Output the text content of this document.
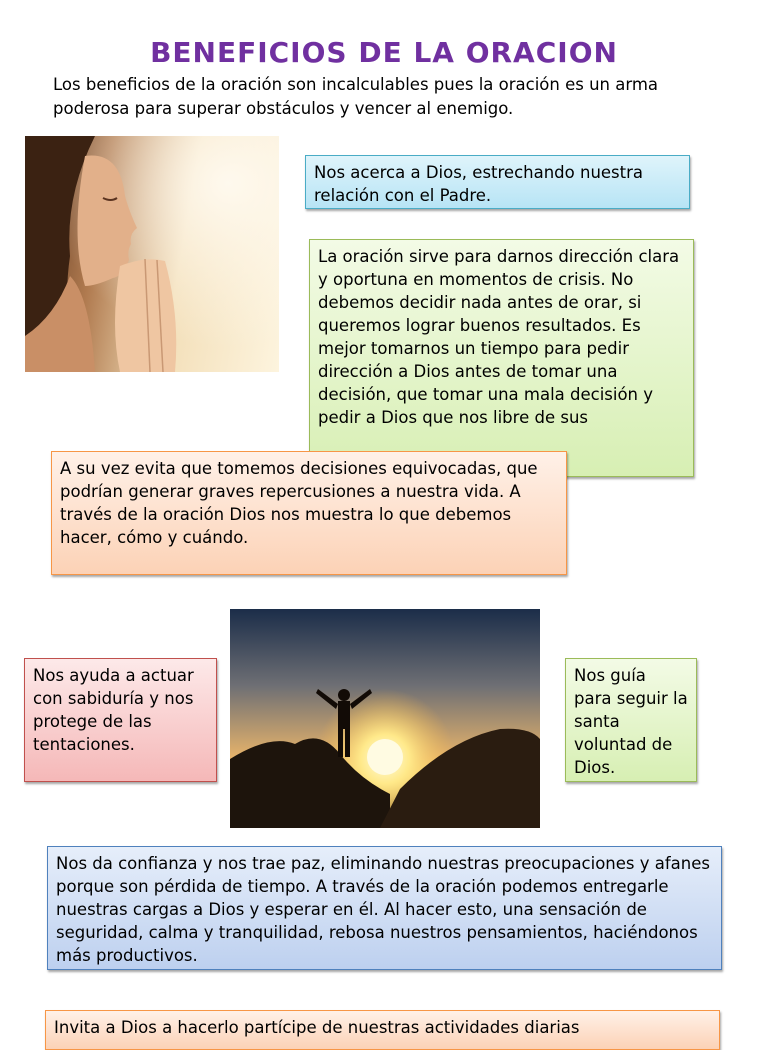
BENEFICIOS DE LA ORACION
Los beneficios de la oración son incalculables pues la oración es un arma poderosa para superar obstáculos y vencer al enemigo.
Nos acerca a Dios, estrechando nuestra relación con el Padre.
La oración sirve para darnos dirección clara y oportuna en momentos de crisis. No debemos decidir nada antes de orar, si queremos lograr buenos resultados. Es mejor tomarnos un tiempo para pedir dirección a Dios antes de tomar una decisión, que tomar una mala decisión y pedir a Dios que nos libre de sus
A su vez evita que tomemos decisiones equivocadas, que podrían generar graves repercusiones a nuestra vida. A través de la oración Dios nos muestra lo que debemos hacer, cómo y cuándo.
Nos ayuda a actuar con sabiduría y nos protege de las tentaciones.
Nos guía para seguir la santa voluntad de Dios.
Nos da confianza y nos trae paz, eliminando nuestras preocupaciones y afanes porque son pérdida de tiempo. A través de la oración podemos entregarle nuestras cargas a Dios y esperar en él. Al hacer esto, una sensación de seguridad, calma y tranquilidad, rebosa nuestros pensamientos, haciéndonos más productivos.
Invita a Dios a hacerlo partícipe de nuestras actividades diarias
